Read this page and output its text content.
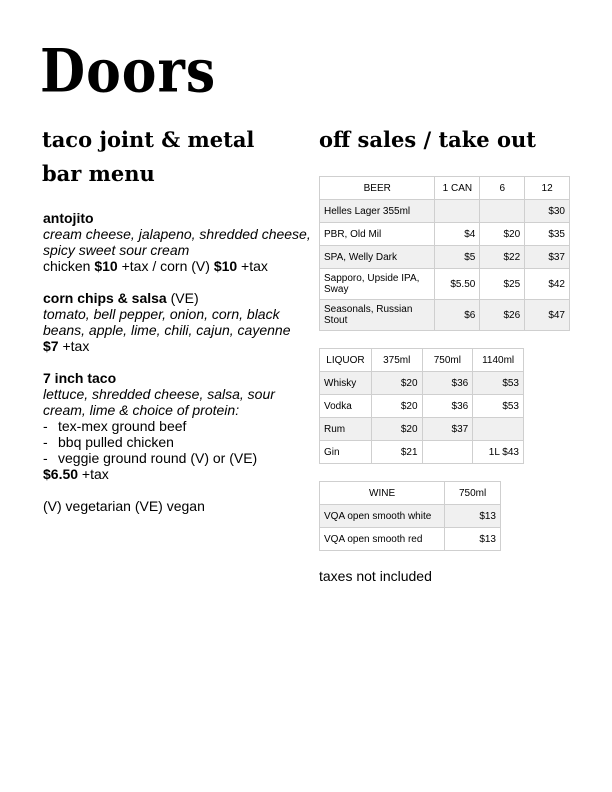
Doors
taco joint & metal bar menu
off sales / take out
antojito
cream cheese, jalapeno, shredded cheese, spicy sweet sour cream
chicken $10 +tax / corn (V) $10 +tax
corn chips & salsa (VE)
tomato, bell pepper, onion, corn, black beans, apple, lime, chili, cajun, cayenne
$7 +tax
7 inch taco
lettuce, shredded cheese, salsa, sour cream, lime & choice of protein:
- tex-mex ground beef
- bbq pulled chicken
- veggie ground round (V) or (VE)
$6.50 +tax
(V) vegetarian (VE) vegan
BEER	1 CAN	6	12
Helles Lager 355ml			$30
PBR, Old Mil	$4	$20	$35
SPA, Welly Dark	$5	$22	$37
Sapporo, Upside IPA, Sway	$5.50	$25	$42
Seasonals, Russian Stout	$6	$26	$47
LIQUOR	375ml	750ml	1140ml
Whisky	$20	$36	$53
Vodka	$20	$36	$53
Rum	$20	$37	
Gin	$21		1L $43
WINE	750ml
VQA open smooth white	$13
VQA open smooth red	$13
taxes not included
